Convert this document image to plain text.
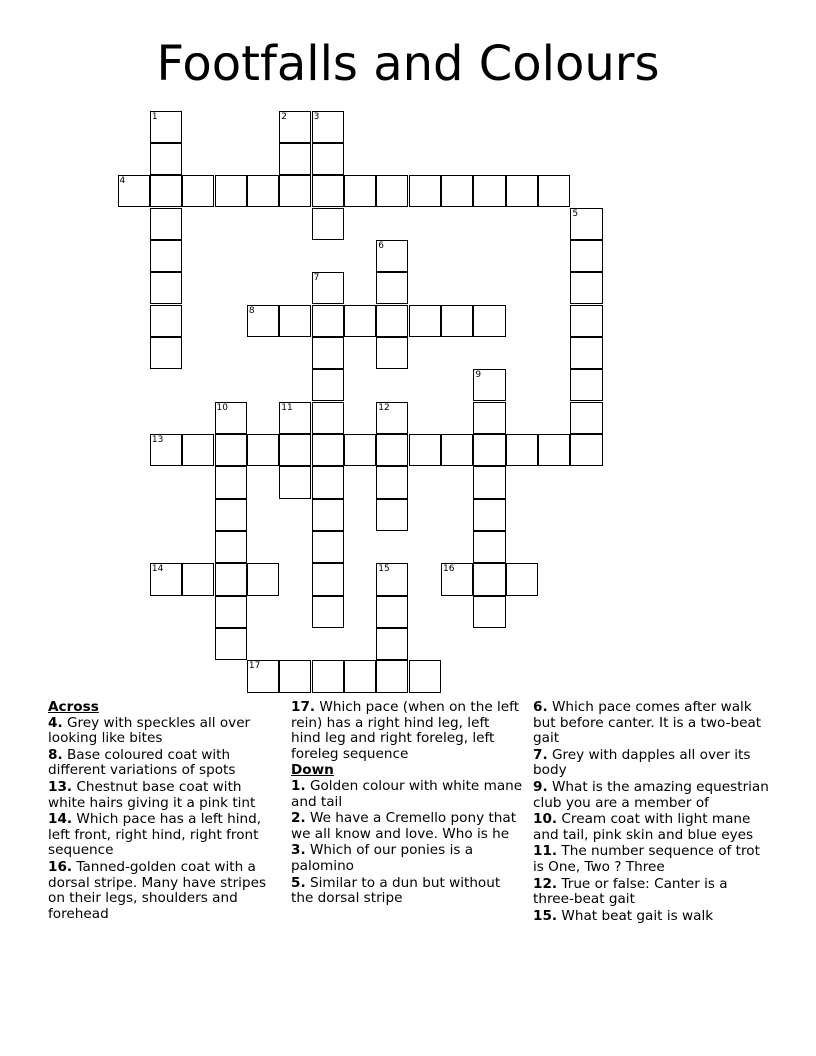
Footfalls and Colours
1	2	3
4
5
6
7
8
9
10	11	12
13
14	15	16
17
Across
4. Grey with speckles all over looking like bites
8. Base coloured coat with different variations of spots
13. Chestnut base coat with white hairs giving it a pink tint
14. Which pace has a left hind, left front, right hind, right front sequence
16. Tanned-golden coat with a dorsal stripe. Many have stripes on their legs, shoulders and forehead
17. Which pace (when on the left rein) has a right hind leg, left hind leg and right foreleg, left foreleg sequence
Down
1. Golden colour with white mane and tail
2. We have a Cremello pony that we all know and love. Who is he
3. Which of our ponies is a palomino
5. Similar to a dun but without the dorsal stripe
6. Which pace comes after walk but before canter. It is a two-beat gait
7. Grey with dapples all over its body
9. What is the amazing equestrian club you are a member of
10. Cream coat with light mane and tail, pink skin and blue eyes
11. The number sequence of trot is One, Two ? Three
12. True or false: Canter is a three-beat gait
15. What beat gait is walk
